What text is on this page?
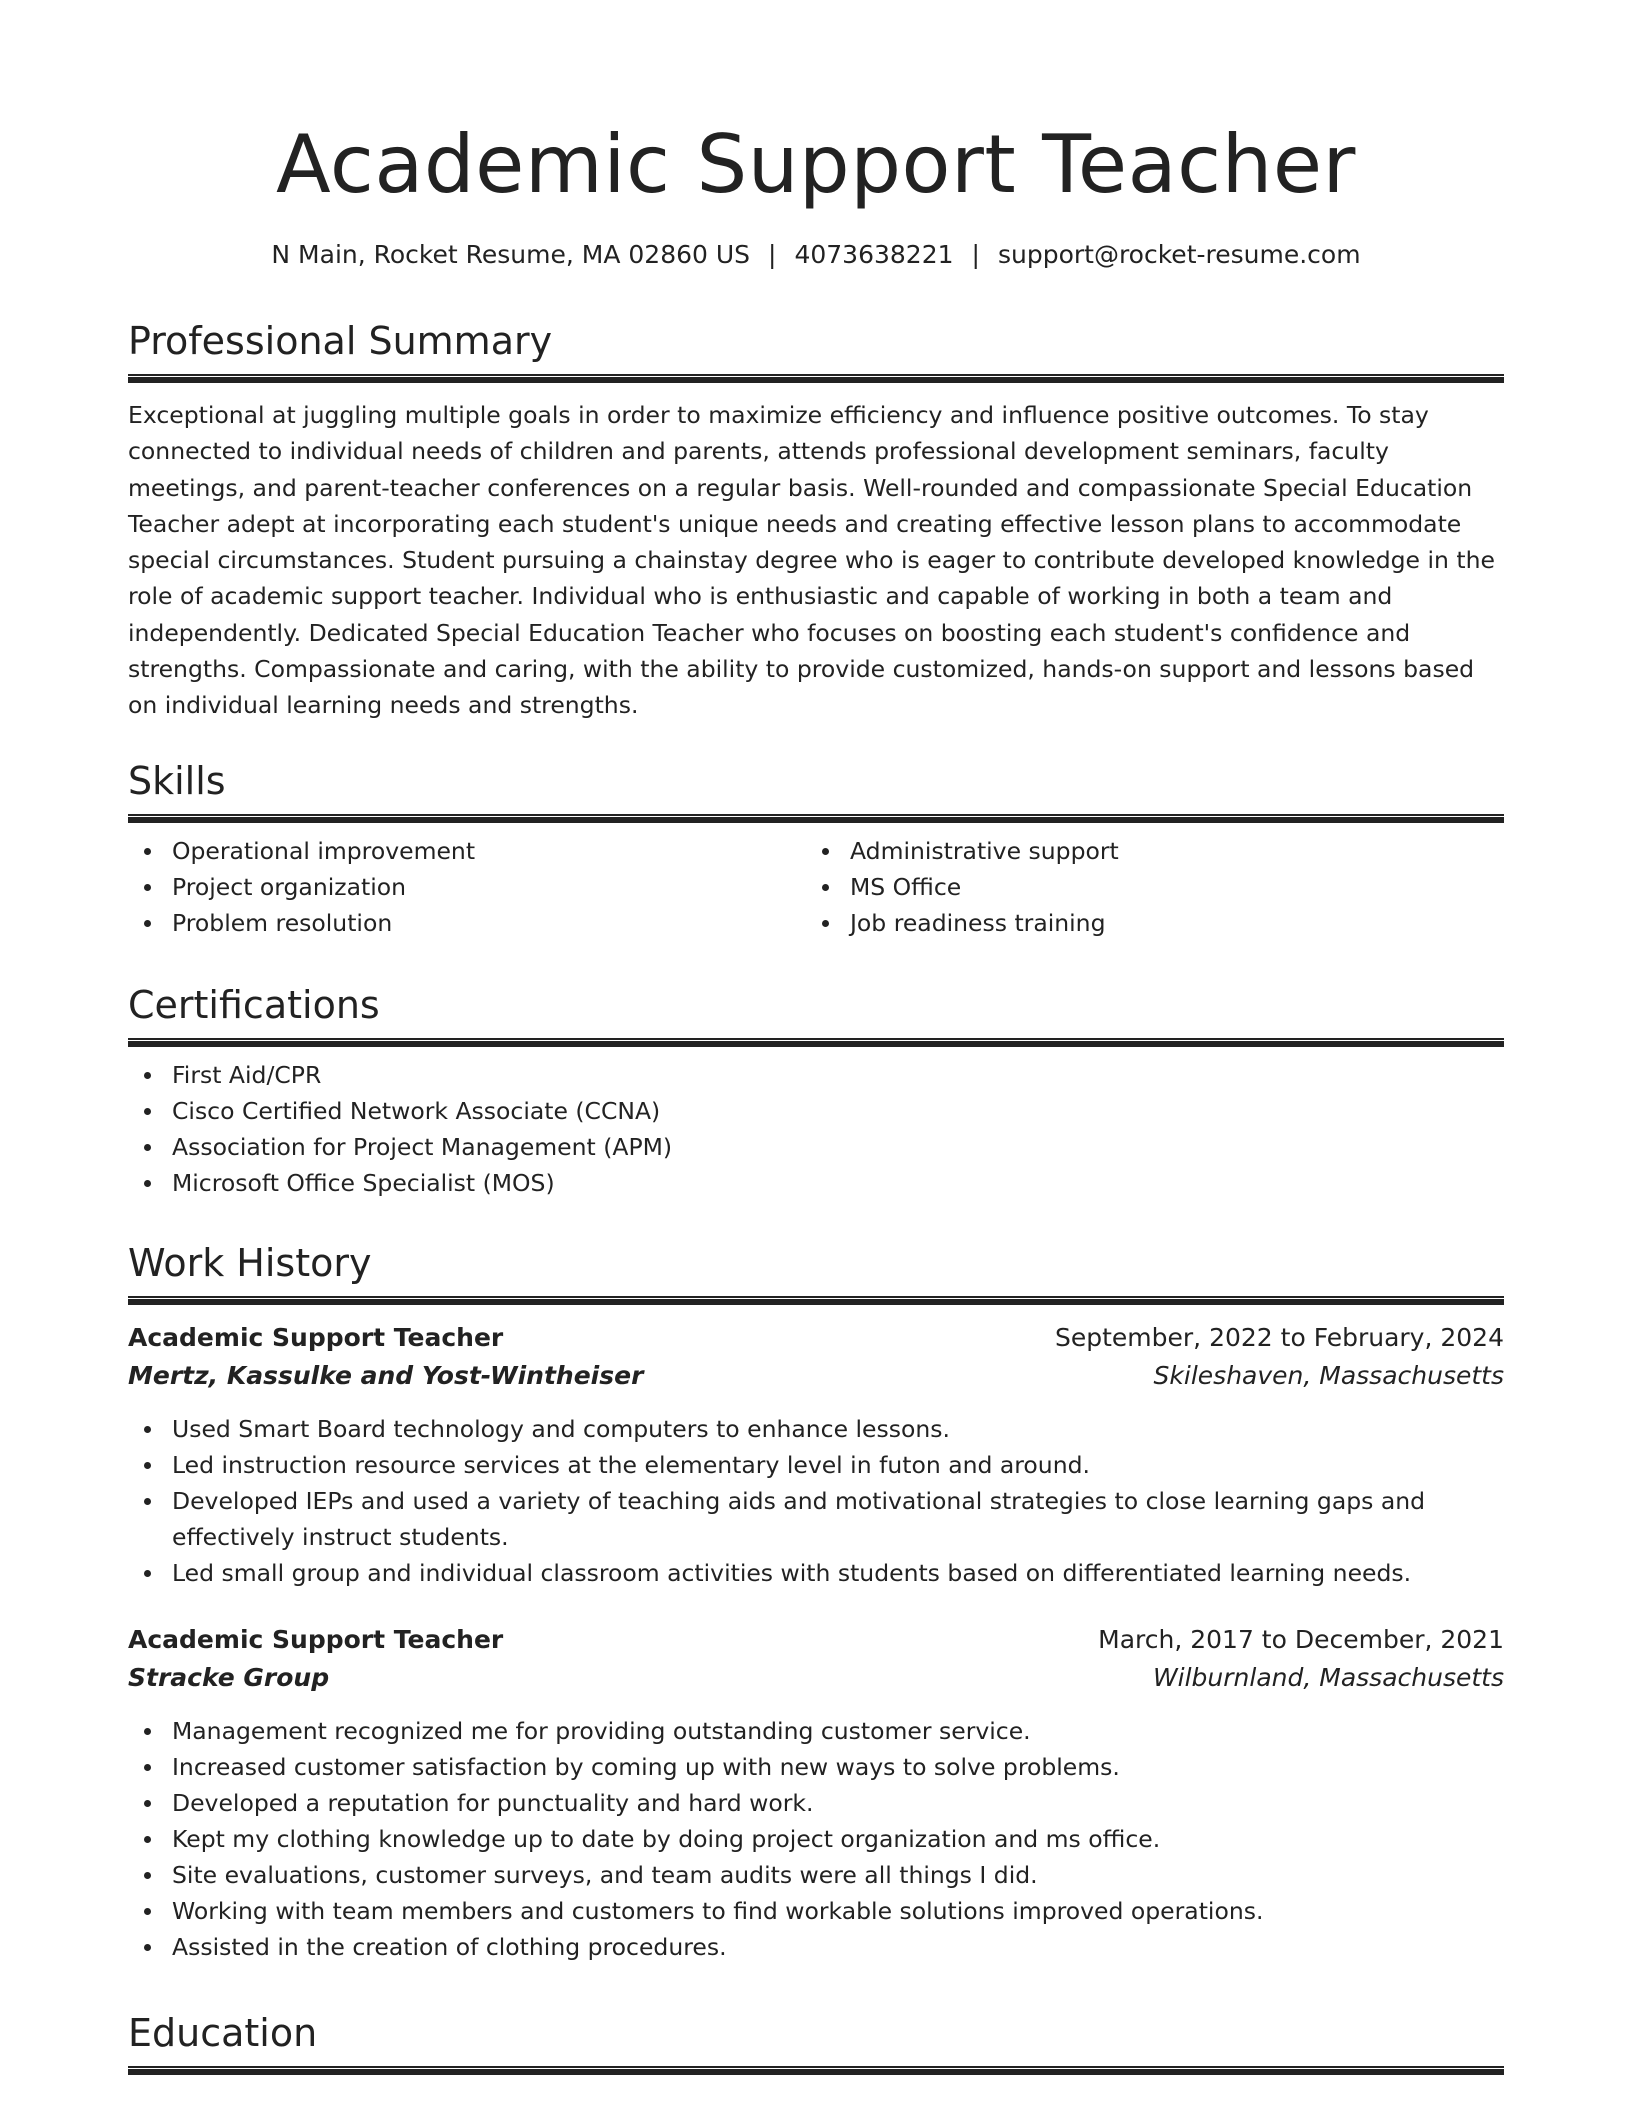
Academic Support Teacher
N Main, Rocket Resume, MA 02860 US | 4073638221 | support@rocket-resume.com
Professional Summary

Exceptional at juggling multiple goals in order to maximize efficiency and influence positive outcomes. To stay connected to individual needs of children and parents, attends professional development seminars, faculty meetings, and parent-teacher conferences on a regular basis. Well-rounded and compassionate Special Education Teacher adept at incorporating each student's unique needs and creating effective lesson plans to accommodate special circumstances. Student pursuing a chainstay degree who is eager to contribute developed knowledge in the role of academic support teacher. Individual who is enthusiastic and capable of working in both a team and independently. Dedicated Special Education Teacher who focuses on boosting each student's confidence and strengths. Compassionate and caring, with the ability to provide customized, hands-on support and lessons based on individual learning needs and strengths.

Skills
Operational improvement
Project organization
Problem resolution
Administrative support
MS Office
Job readiness training
Certifications
First Aid/CPR
Cisco Certified Network Associate (CCNA)
Association for Project Management (APM)
Microsoft Office Specialist (MOS)
Work History
Academic Support Teacher	September, 2022 to February, 2024
Mertz, Kassulke and Yost-Wintheiser	Skileshaven, Massachusetts
Used Smart Board technology and computers to enhance lessons.
Led instruction resource services at the elementary level in futon and around.
Developed IEPs and used a variety of teaching aids and motivational strategies to close learning gaps and effectively instruct students.
Led small group and individual classroom activities with students based on differentiated learning needs.
Academic Support Teacher	March, 2017 to December, 2021
Stracke Group	Wilburnland, Massachusetts
Management recognized me for providing outstanding customer service.
Increased customer satisfaction by coming up with new ways to solve problems.
Developed a reputation for punctuality and hard work.
Kept my clothing knowledge up to date by doing project organization and ms office.
Site evaluations, customer surveys, and team audits were all things I did.
Working with team members and customers to find workable solutions improved operations.
Assisted in the creation of clothing procedures.
Education
